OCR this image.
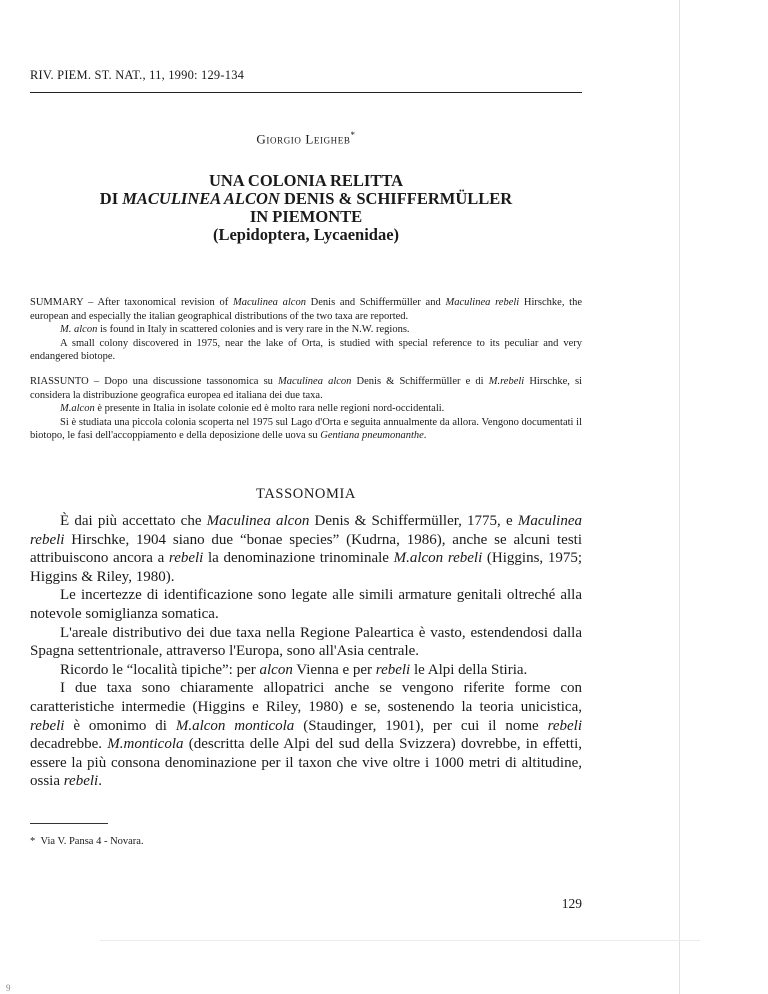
RIV. PIEM. ST. NAT., 11, 1990: 129-134
Giorgio Leigheb*
UNA COLONIA RELITTA
DI MACULINEA ALCON DENIS & SCHIFFERMÜLLER
IN PIEMONTE
(Lepidoptera, Lycaenidae)

SUMMARY – After taxonomical revision of Maculinea alcon Denis and Schiffermüller and Maculinea rebeli Hirschke, the european and especially the italian geographical distributions of the two taxa are reported.

M. alcon is found in Italy in scattered colonies and is very rare in the N.W. regions.

A small colony discovered in 1975, near the lake of Orta, is studied with special reference to its peculiar and very endangered biotope.

RIASSUNTO – Dopo una discussione tassonomica su Maculinea alcon Denis & Schiffermüller e di M.rebeli Hirschke, si considera la distribuzione geografica europea ed italiana dei due taxa.

M.alcon è presente in Italia in isolate colonie ed è molto rara nelle regioni nord-occidentali.

Si è studiata una piccola colonia scoperta nel 1975 sul Lago d'Orta e seguita annualmente da allora. Vengono documentati il biotopo, le fasi dell'accoppiamento e della deposizione delle uova su Gentiana pneumonanthe.

TASSONOMIA

È dai più accettato che Maculinea alcon Denis & Schiffermüller, 1775, e Maculinea rebeli Hirschke, 1904 siano due “bonae species” (Kudrna, 1986), anche se alcuni testi attribuiscono ancora a rebeli la denominazione trinominale M.alcon rebeli (Higgins, 1975; Higgins & Riley, 1980).

Le incertezze di identificazione sono legate alle simili armature genitali oltreché alla notevole somiglianza somatica.

L'areale distributivo dei due taxa nella Regione Paleartica è vasto, estendendosi dalla Spagna settentrionale, attraverso l'Europa, sono all'Asia centrale.

Ricordo le “località tipiche”: per alcon Vienna e per rebeli le Alpi della Stiria.

I due taxa sono chiaramente allopatrici anche se vengono riferite forme con caratteristiche intermedie (Higgins e Riley, 1980) e se, sostenendo la teoria unicistica, rebeli è omonimo di M.alcon monticola (Staudinger, 1901), per cui il nome rebeli decadrebbe. M.monticola (descritta delle Alpi del sud della Svizzera) dovrebbe, in effetti, essere la più consona denominazione per il taxon che vive oltre i 1000 metri di altitudine, ossia rebeli.

* Via V. Pansa 4 - Novara.
129
9
